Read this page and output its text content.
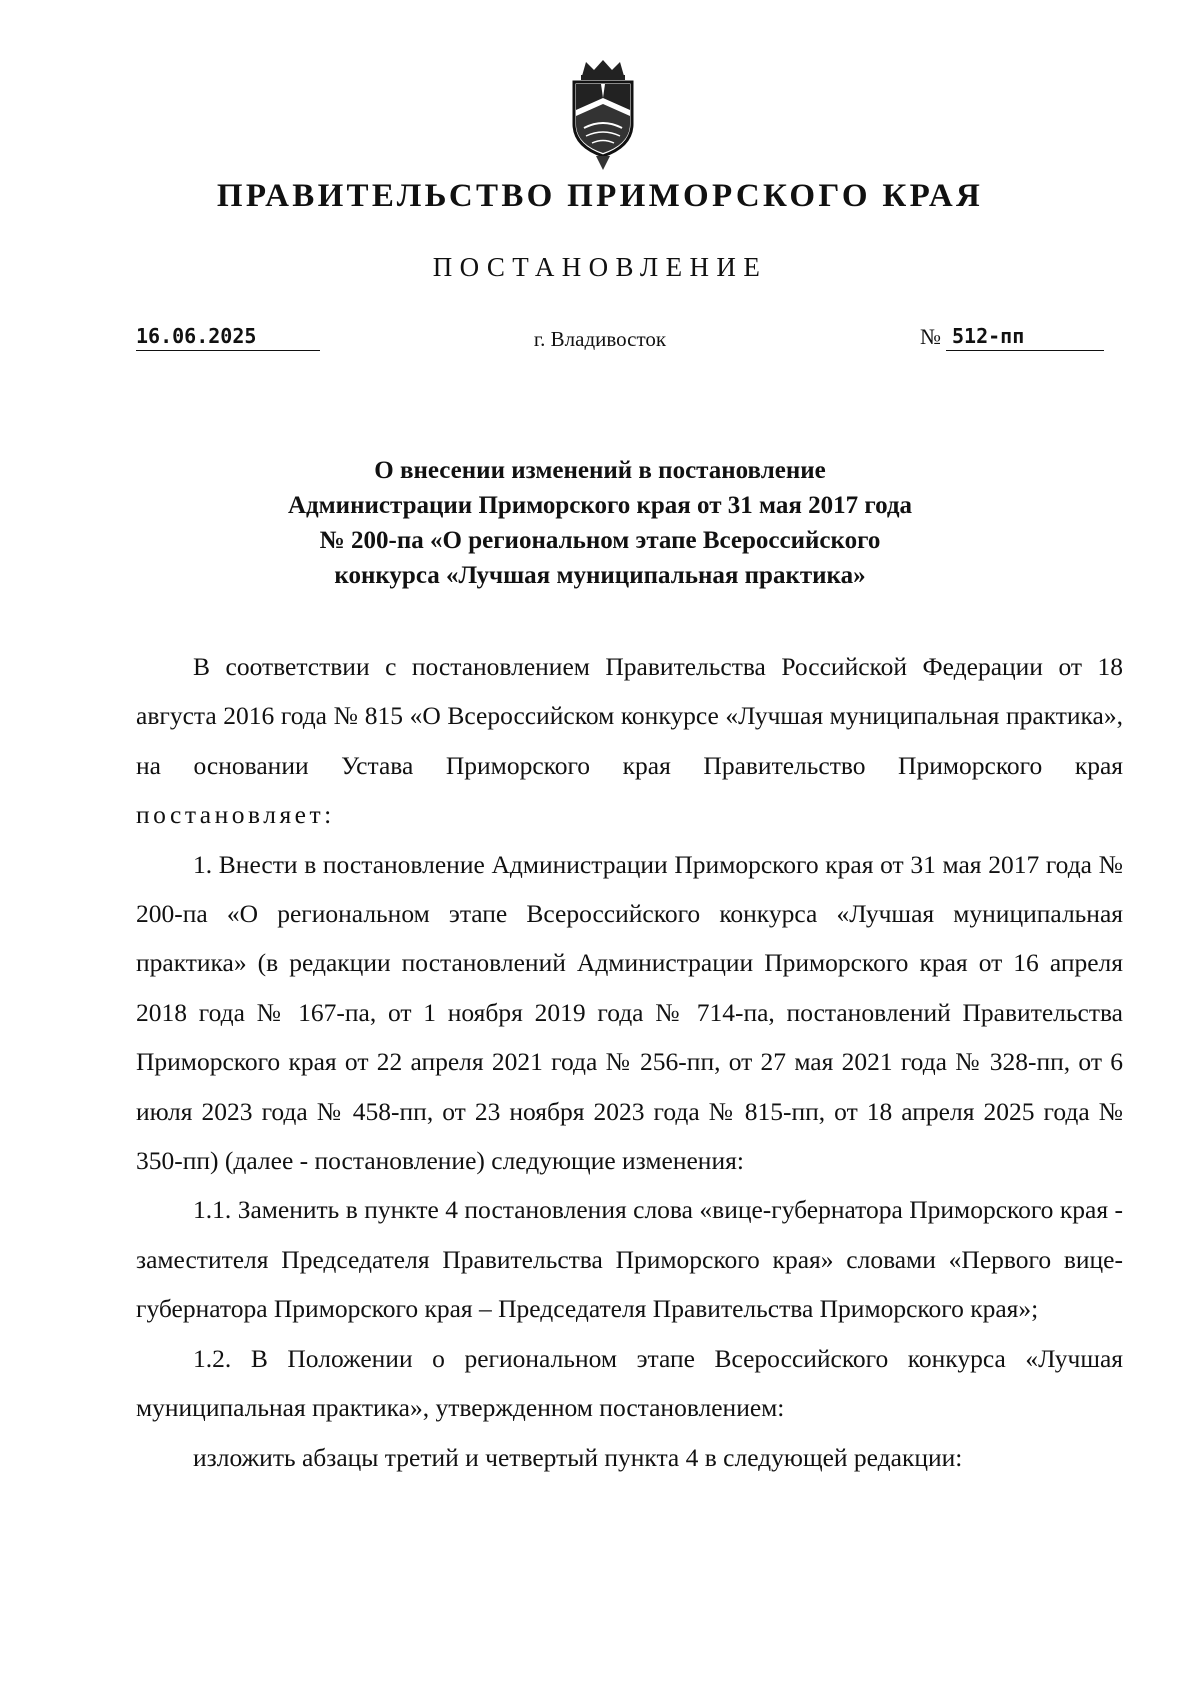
ПРАВИТЕЛЬСТВО ПРИМОРСКОГО КРАЯ
ПОСТАНОВЛЕНИЕ
16.06.2025	г. Владивосток	№ 512-пп
О внесении изменений в постановление
Администрации Приморского края от 31 мая 2017 года
№ 200-па «О региональном этапе Всероссийского
конкурса «Лучшая муниципальная практика»

В соответствии с постановлением Правительства Российской Федерации от 18 августа 2016 года № 815 «О Всероссийском конкурсе «Лучшая муниципальная практика», на основании Устава Приморского края Правительство Приморского края постановляет:

1. Внести в постановление Администрации Приморского края от 31 мая 2017 года № 200-па «О региональном этапе Всероссийского конкурса «Лучшая муниципальная практика» (в редакции постановлений Администрации Приморского края от 16 апреля 2018 года № 167-па, от 1 ноября 2019 года № 714-па, постановлений Правительства Приморского края от 22 апреля 2021 года № 256-пп, от 27 мая 2021 года № 328-пп, от 6 июля 2023 года № 458-пп, от 23 ноября 2023 года № 815-пп, от 18 апреля 2025 года № 350-пп) (далее - постановление) следующие изменения:

1.1. Заменить в пункте 4 постановления слова «вице-губернатора Приморского края - заместителя Председателя Правительства Приморского края» словами «Первого вице-губернатора Приморского края – Председателя Правительства Приморского края»;

1.2. В Положении о региональном этапе Всероссийского конкурса «Лучшая муниципальная практика», утвержденном постановлением:

изложить абзацы третий и четвертый пункта 4 в следующей редакции:
